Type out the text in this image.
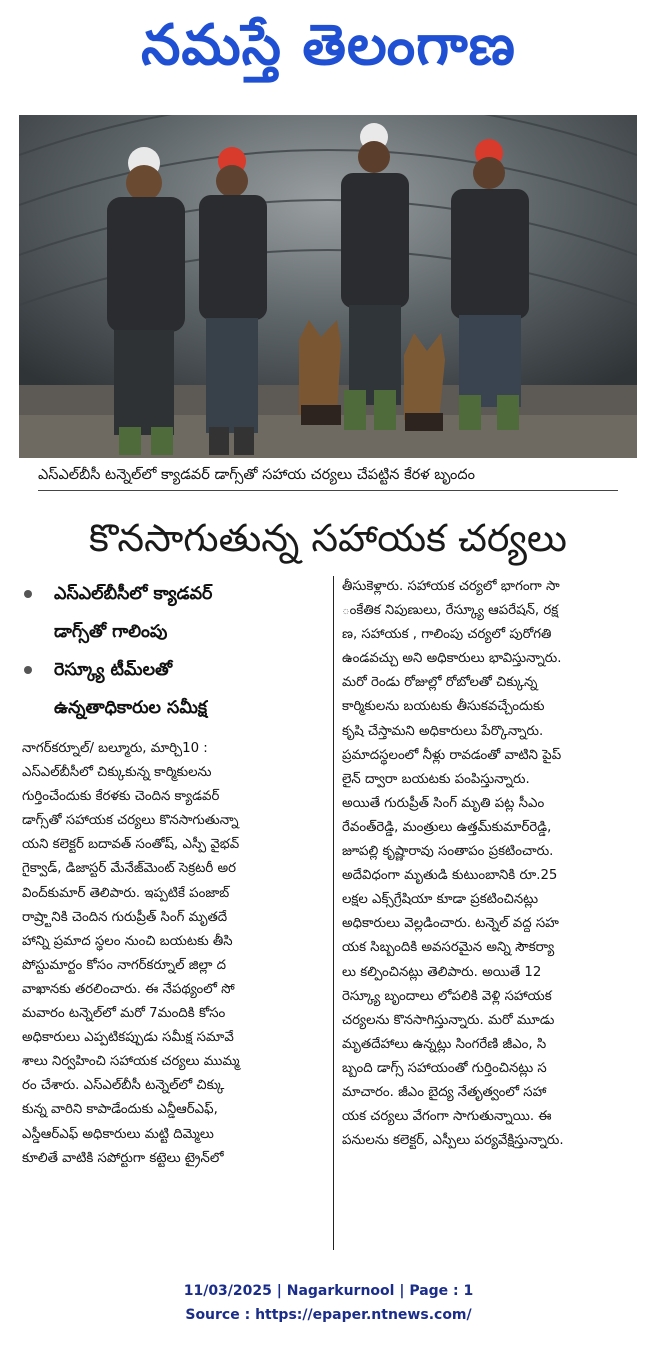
నమస్తే తెలంగాణ
ఎస్‌ఎల్‌బీసీ టన్నెల్‌లో క్యాడవర్ డాగ్స్‌తో సహాయ చర్యలు చేపట్టిన కేరళ బృందం
కొనసాగుతున్న సహాయక చర్యలు
ఎస్‌ఎల్‌బీసీలో క్యాడవర్
డాగ్స్‌తో గాలింపు
రెస్క్యూ టీమ్‌లతో
ఉన్నతాధికారుల సమీక్ష
నాగర్‌కర్నూల్/ బల్మూరు, మార్చి10 :
ఎస్‌ఎల్‌బీసీలో చిక్కుకున్న కార్మికులను
గుర్తించేందుకు కేరళకు చెందిన క్యాడవర్
డాగ్స్‌తో సహాయక చర్యలు కొనసాగుతున్నా
యని కలెక్టర్ బదావత్ సంతోష్, ఎస్పీ వైభవ్
గైక్వాడ్, డిజాస్టర్ మేనేజ్‌మెంట్ సెక్రటరీ అర
వింద్‌కుమార్ తెలిపారు. ఇప్పటికే పంజాబ్
రాష్ర్టానికి చెందిన గురుప్రీత్ సింగ్ మృతదే
హాన్ని ప్రమాద స్థలం నుంచి బయటకు తీసి
పోస్టుమార్టం కోసం నాగర్‌కర్నూల్ జిల్లా ద
వాఖానకు తరలించారు. ఈ నేపథ్యంలో సో
మవారం టన్నెల్‌లో మరో 7మందికి కోసం
అధికారులు ఎప్పటికప్పుడు సమీక్ష సమావే
శాలు నిర్వహించి సహాయక చర్యలు ముమ్మ
రం చేశారు. ఎస్‌ఎల్‌బీసీ టన్నెల్‌లో చిక్కు
కున్న వారిని కాపాడేందుకు ఎన్డీఆర్‌ఎఫ్,
ఎస్డీఆర్‌ఎఫ్ అధికారులు మట్టి దిమ్మెలు
కూలితే వాటికి సపోర్టుగా కట్టెలు ట్రైన్‌లో
తీసుకెళ్లారు. సహాయక చర్యలో భాగంగా సా
ంకేతిక నిపుణులు, రేస్క్యూ ఆపరేషన్, రక్ష
ణ, సహాయక , గాలింపు చర్యలో పురోగతి
ఉండవచ్చు అని అధికారులు భావిస్తున్నారు.
మరో రెండు రోజుల్లో రోబోలతో చిక్కున్న
కార్మికులను బయటకు తీసుకవచ్చేందుకు
కృషి చేస్తామని అధికారులు పేర్కొన్నారు.
ప్రమాదస్థలంలో నీళ్లు రావడంతో వాటిని పైప్
లైన్ ద్వారా బయటకు పంపిస్తున్నారు.
అయితే గురుప్రీత్ సింగ్ మృతి పట్ల సీఎం
రేవంత్‌రెడ్డి, మంత్రులు ఉత్తమ్‌కుమార్‌రెడ్డి,
జూపల్లి కృష్ణారావు సంతాపం ప్రకటించారు.
అదేవిధంగా మృతుడి కుటుంబానికి రూ.25
లక్షల ఎక్స్‌గ్రేషియా కూడా ప్రకటించినట్లు
అధికారులు వెల్లడించారు. టన్నెల్ వద్ద సహ
యక సిబ్బందికి అవసరమైన అన్ని సౌకర్యా
లు కల్పించినట్లు తెలిపారు. అయితే 12
రెస్క్యూ బృందాలు లోపలికి వెళ్లి సహాయక
చర్యలను కొనసాగిస్తున్నారు. మరో మూడు
మృతదేహాలు ఉన్నట్లు సింగరేణి జీఎం, సి
బ్బంది డాగ్స్ సహాయంతో గుర్తించినట్లు స
మాచారం. జీఎం బైద్య నేతృత్వంలో సహా
యక చర్యలు వేగంగా సాగుతున్నాయి. ఈ
పనులను కలెక్టర్, ఎస్పీలు పర్యవేక్షిస్తున్నారు.
11/03/2025 | Nagarkurnool | Page : 1
Source : https://epaper.ntnews.com/
